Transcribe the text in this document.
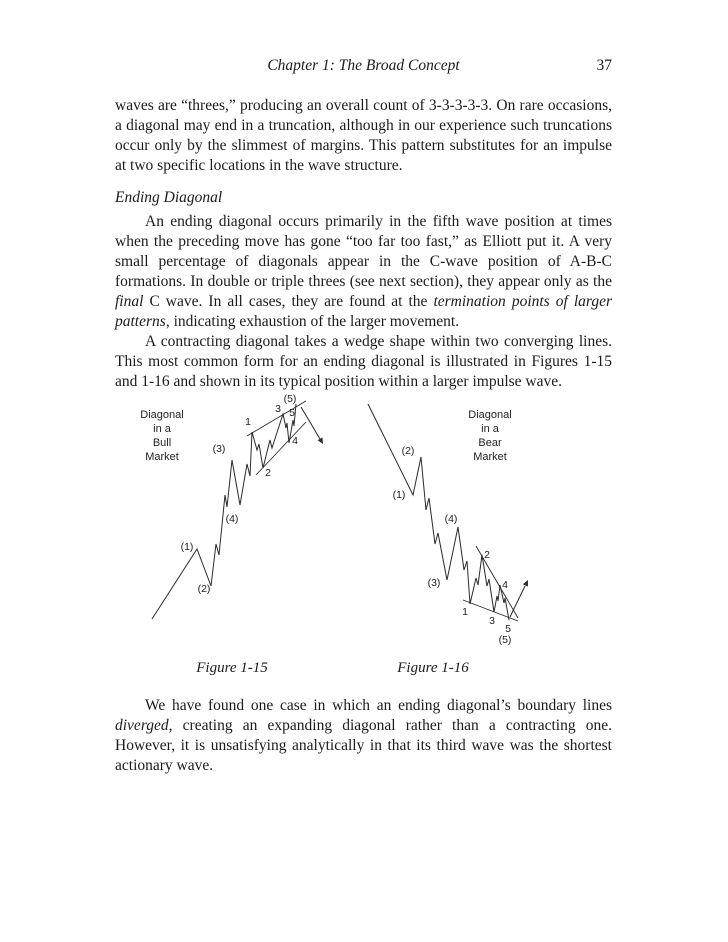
Chapter 1: The Broad Concept	37

waves are “threes,” producing an overall count of 3-3-3-3-3. On rare occasions, a diagonal may end in a truncation, although in our experience such truncations occur only by the slimmest of margins. This pattern substitutes for an impulse at two specific locations in the wave structure.

Ending Diagonal

An ending diagonal occurs primarily in the fifth wave position at times when the preceding move has gone “too far too fast,” as Elliott put it. A very small percentage of diagonals appear in the C-wave position of A-B-C formations. In double or triple threes (see next section), they appear only as the final C wave. In all cases, they are found at the termination points of larger patterns, indicating exhaustion of the larger movement.

A contracting diagonal takes a wedge shape within two converging lines. This most common form for an ending diagonal is illustrated in Figures 1-15 and 1-16 and shown in its typical position within a larger impulse wave.

Diagonal
in a
Bull
Market
(1)
(2)
(3)
(4)
(5)
1
2
3
4
5	Diagonal
in a
Bear
Market
(1)
(2)
(3)
(4)
(5)
1
2
3
4
5
Figure 1-15	Figure 1-16

We have found one case in which an ending diagonal’s boundary lines diverged, creating an expanding diagonal rather than a contracting one. However, it is unsatisfying analytically in that its third wave was the shortest actionary wave.
